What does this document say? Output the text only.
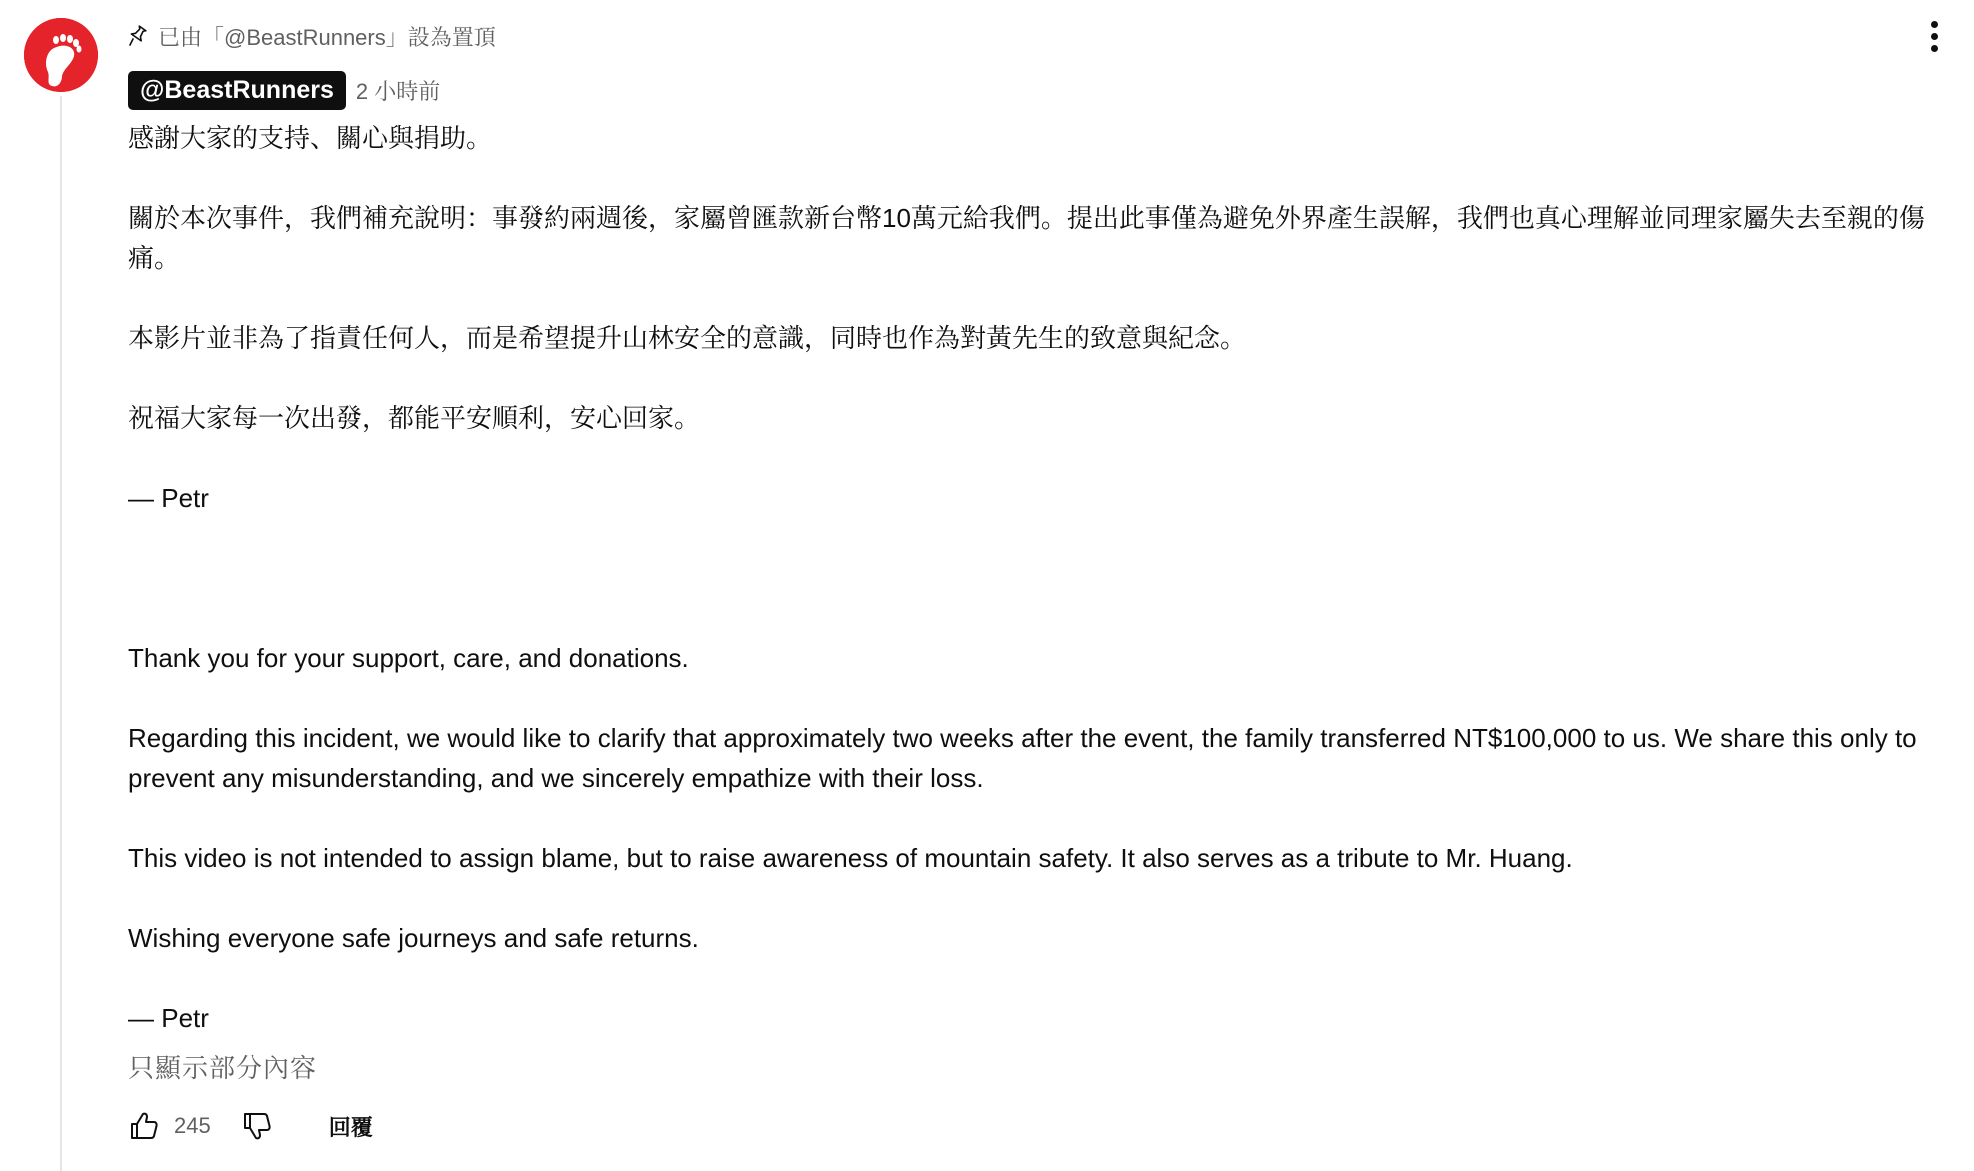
已由「@BeastRunners」設為置頂
@BeastRunners	2 小時前

感謝大家的支持、關心與捐助。

關於本次事件，我們補充說明：事發約兩週後，家屬曾匯款新台幣10萬元給我們。提出此事僅為避免外界產生誤解，我們也真心理解並同理家屬失去至親的傷痛。

本影片並非為了指責任何人，而是希望提升山林安全的意識，同時也作為對黃先生的致意與紀念。

祝福大家每一次出發，都能平安順利，安心回家。

— Petr

Thank you for your support, care, and donations.

Regarding this incident, we would like to clarify that approximately two weeks after the event, the family transferred NT$100,000 to us. We share this only to prevent any misunderstanding, and we sincerely empathize with their loss.

This video is not intended to assign blame, but to raise awareness of mountain safety. It also serves as a tribute to Mr. Huang.

Wishing everyone safe journeys and safe returns.

— Petr

只顯示部分內容
245	回覆
